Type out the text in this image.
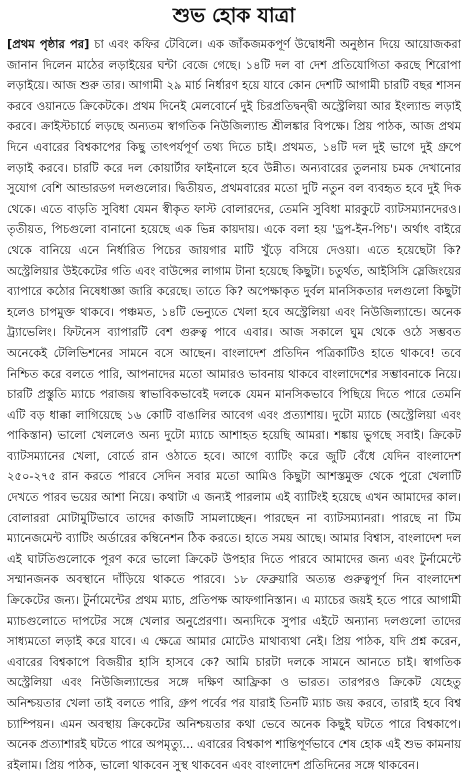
শুভ হোক যাত্রা

[প্রথম পৃষ্ঠার পর] চা এবং কফির টেবিলে। এক জাঁকজমকপূর্ণ উদ্বোধনী অনুষ্ঠান দিয়ে আয়োজকরা জানান দিলেন মাঠের লড়াইয়ের ঘন্টা বেজে গেছে। ১৪টি দল বা দেশ প্রতিযোগিতা করছে শিরোপা লড়াইয়ে। আজ শুরু তার। আগামী ২৯ মার্চ নির্ধারণ হয়ে যাবে কোন দেশটি আগামী চারটি বছর শাসন করবে ওয়ানডে ক্রিকেটকে। প্রথম দিনেই মেলবোর্নে দুই চিরপ্রতিদ্বন্দ্বী অস্ট্রেলিয়া আর ইংল্যান্ড লড়াই করবে। ক্রাইস্টচার্চে লড়ছে অন্যতম স্বাগতিক নিউজিল্যান্ড শ্রীলঙ্কার বিপক্ষে। প্রিয় পাঠক, আজ প্রথম দিনে এবারের বিশ্বকাপের কিছু তাৎপর্যপূর্ণ তথ্য দিতে চাই। প্রথমত, ১৪টি দল দুই ভাগে দুই গ্রুপে লড়াই করবে। চারটি করে দল কোয়ার্টার ফাইনালে হবে উন্নীত। অন্যবারের তুলনায় চমক দেখানোর সুযোগ বেশি আন্ডারডগ দলগুলোর। দ্বিতীয়ত, প্রথমবারের মতো দুটি নতুন বল ব্যবহৃত হবে দুই দিক থেকে। এতে বাড়তি সুবিধা যেমন স্বীকৃত ফাস্ট বোলারদের, তেমনি সুবিধা মারকুটে ব্যাটসম্যানদেরও। তৃতীয়ত, পিচগুলো বানানো হয়েছে এক ভিন্ন কায়দায়। একে বলা হয় 'ড্রপ-ইন-পিচ'। অর্থাৎ বাইরে থেকে বানিয়ে এনে নির্ধারিত পিচের জায়গার মাটি খুঁড়ে বসিয়ে দেওয়া। এতে হয়েছেটা কি? অস্ট্রেলিয়ার উইকেটের গতি এবং বাউন্সের লাগাম টানা হয়েছে কিছুটা। চতুর্থত, আইসিসি স্লেজিংয়ের ব্যাপারে কঠোর নিষেধাজ্ঞা জারি করেছে। তাতে কি? অপেক্ষাকৃত দুর্বল মানসিকতার দলগুলো কিছুটা হলেও চাপমুক্ত থাকবে। পঞ্চমত, ১৪টি ভেন্যুতে খেলা হবে অস্ট্রেলিয়া এবং নিউজিল্যান্ডে। অনেক ট্র্যাভেলিং। ফিটনেস ব্যাপারটি বেশ গুরুত্ব পাবে এবার। আজ সকালে ঘুম থেকে ওঠে সম্ভবত অনেকেই টেলিভিশনের সামনে বসে আছেন। বাংলাদেশ প্রতিদিন পত্রিকাটিও হাতে থাকবে! তবে নিশ্চিত করে বলতে পারি, আপনাদের মতো আমারও ভাবনায় থাকবে বাংলাদেশের সম্ভাবনাকে নিয়ে। চারটি প্রস্তুতি ম্যাচে পরাজয় স্বাভাবিকভাবেই দলকে যেমন মানসিকভাবে পিছিয়ে দিতে পারে তেমনি এটি বড় ধাক্কা লাগিয়েছে ১৬ কোটি বাঙালির আবেগ এবং প্রত্যাশায়। দুটো ম্যাচে (অস্ট্রেলিয়া এবং পাকিস্তান) ভালো খেললেও অন্য দুটো ম্যাচে আশাহত হয়েছি আমরা। শঙ্কায় ভুগছে সবাই। ক্রিকেট ব্যাটসম্যানের খেলা, বোর্ডে রান ওঠাতে হবে। আগে ব্যাটিং করে জুটি বেঁধে যেদিন বাংলাদেশ ২৫০-২৭৫ রান করতে পারবে সেদিন সবার মতো আমিও কিছুটা আশস্তমুক্ত থেকে পুরো খেলাটি দেখতে পারব ভয়ের আশা নিয়ে। কথাটা এ জন্যই পারলাম এই ব্যাটিংই হয়েছে এখন আমাদের কাল। বোলাররা মোটামুটিভাবে তাদের কাজটি সামলাচ্ছেন। পারছেন না ব্যাটসম্যানরা। পারছে না টিম ম্যানেজমেন্ট ব্যাটিং অর্ডারের কম্বিনেশন ঠিক করতে। হাতে সময় আছে। আমার বিশ্বাস, বাংলাদেশ দল এই ঘাটতিগুলোকে পূরণ করে ভালো ক্রিকেট উপহার দিতে পারবে আমাদের জন্য এবং টুর্নামেন্টে সম্মানজনক অবস্থানে দাঁড়িয়ে থাকতে পারবে। ১৮ ফেব্রুয়ারি অত্যন্ত গুরুত্বপূর্ণ দিন বাংলাদেশ ক্রিকেটের জন্য। টুর্নামেন্টের প্রথম ম্যাচ, প্রতিপক্ষ আফগানিস্তান। এ ম্যাচের জয়ই হতে পারে আগামী ম্যাচগুলোতে দাপটের সঙ্গে খেলার অনুপ্রেরণা। অন্যদিকে সুপার এইটে অন্যান্য দলগুলো তাদের সাধ্যমতো লড়াই করে যাবে। এ ক্ষেত্রে আমার মোটেও মাথাব্যথা নেই। প্রিয় পাঠক, যদি প্রশ্ন করেন, এবারের বিশ্বকাপে বিজয়ীর হাসি হাসবে কে? আমি চারটা দলকে সামনে আনতে চাই। স্বাগতিক অস্ট্রেলিয়া এবং নিউজিল্যান্ডের সঙ্গে দক্ষিণ আফ্রিকা ও ভারত। তারপরও ক্রিকেট যেহেতু অনিশ্চয়তার খেলা তাই বলতে পারি, গ্রুপ পর্বের পর যারাই তিনটি ম্যাচ জয় করবে, তারাই হবে বিশ্ব চ্যাম্পিয়ন। এমন অবস্থায় ক্রিকেটের অনিশ্চয়তার কথা ভেবে অনেক কিছুই ঘটতে পারে বিশ্বকাপে। অনেক প্রত্যাশারই ঘটতে পারে অপমৃত্যু... এবারের বিশ্বকাপ শান্তিপূর্ণভাবে শেষ হোক এই শুভ কামনায় রইলাম। প্রিয় পাঠক, ভালো থাকবেন সুস্থ থাকবেন এবং বাংলাদেশ প্রতিদিনের সঙ্গে থাকবেন।
